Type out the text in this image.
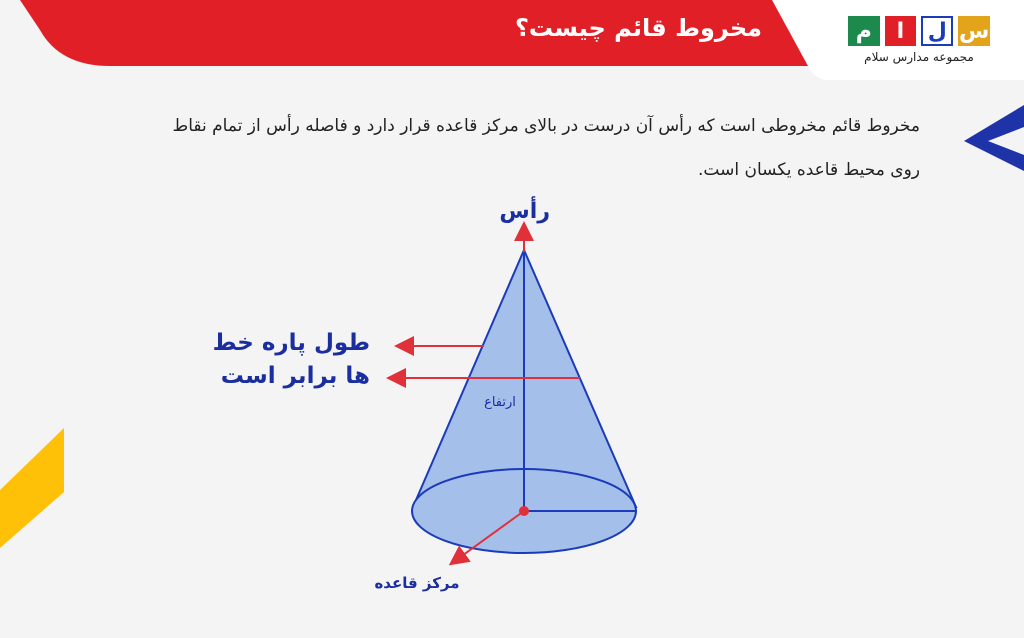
مخروط قائم چیست؟	م	ا	ل س
مجموعه مدارس سلام
مخروط قائم مخروطی است که رأس آن درست در بالای مرکز قاعده قرار دارد و فاصله رأس از تمام نقاط
روی محیط قاعده یکسان است.
رأس
طول پاره خط
ها برابر است
ارتفاع
مرکز قاعده
